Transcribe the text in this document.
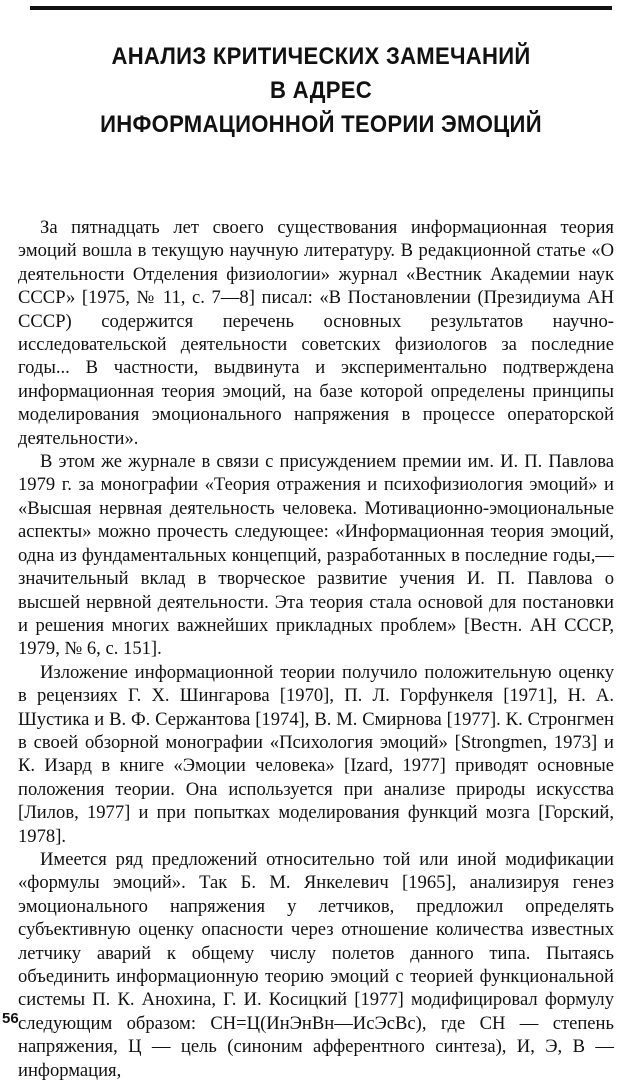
АНАЛИЗ КРИТИЧЕСКИХ ЗАМЕЧАНИЙ
В АДРЕС
ИНФОРМАЦИОННОЙ ТЕОРИИ ЭМОЦИЙ

За пятнадцать лет своего существования информационная теория эмоций вошла в текущую научную литературу. В редакционной статье «О деятельности Отделения физиологии» журнал «Вестник Академии наук СССР» [1975, № 11, с. 7—8] писал: «В Постановлении (Президиума АН СССР) содержится перечень основных результатов научно-исследовательской деятельности советских физиологов за последние годы... В частности, выдвинута и экспериментально подтверждена информационная теория эмоций, на базе которой определены принципы моделирования эмоционального напряжения в процессе операторской деятельности».

В этом же журнале в связи с присуждением премии им. И. П. Павлова 1979 г. за монографии «Теория отражения и психофизиология эмоций» и «Высшая нервная деятельность человека. Мотивационно-эмоциональные аспекты» можно прочесть следующее: «Информационная теория эмоций, одна из фундаментальных концепций, разработанных в последние годы,— значительный вклад в творческое развитие учения И. П. Павлова о высшей нервной деятельности. Эта теория стала основой для постановки и решения многих важнейших прикладных проблем» [Вестн. АН СССР, 1979, № 6, с. 151].

Изложение информационной теории получило положительную оценку в рецензиях Г. Х. Шингарова [1970], П. Л. Горфункеля [1971], Н. А. Шустика и В. Ф. Сержантова [1974], В. М. Смирнова [1977]. К. Стронгмен в своей обзорной монографии «Психология эмоций» [Strongmen, 1973] и К. Изард в книге «Эмоции человека» [Izard, 1977] приводят основные положения теории. Она используется при анализе природы искусства [Лилов, 1977] и при попытках моделирования функций мозга [Горский, 1978].

Имеется ряд предложений относительно той или иной модификации «формулы эмоций». Так Б. М. Янкелевич [1965], анализируя генез эмоционального напряжения у летчиков, предложил определять субъективную оценку опасности через отношение количества известных летчику аварий к общему числу полетов данного типа. Пытаясь объединить информационную теорию эмоций с теорией функциональной системы П. К. Анохина, Г. И. Косицкий [1977] модифицировал формулу следующим образом: СН=Ц(ИнЭнВн—ИсЭсВс), где СН — степень напряжения, Ц — цель (синоним афферентного синтеза), И, Э, В — информация,

56
